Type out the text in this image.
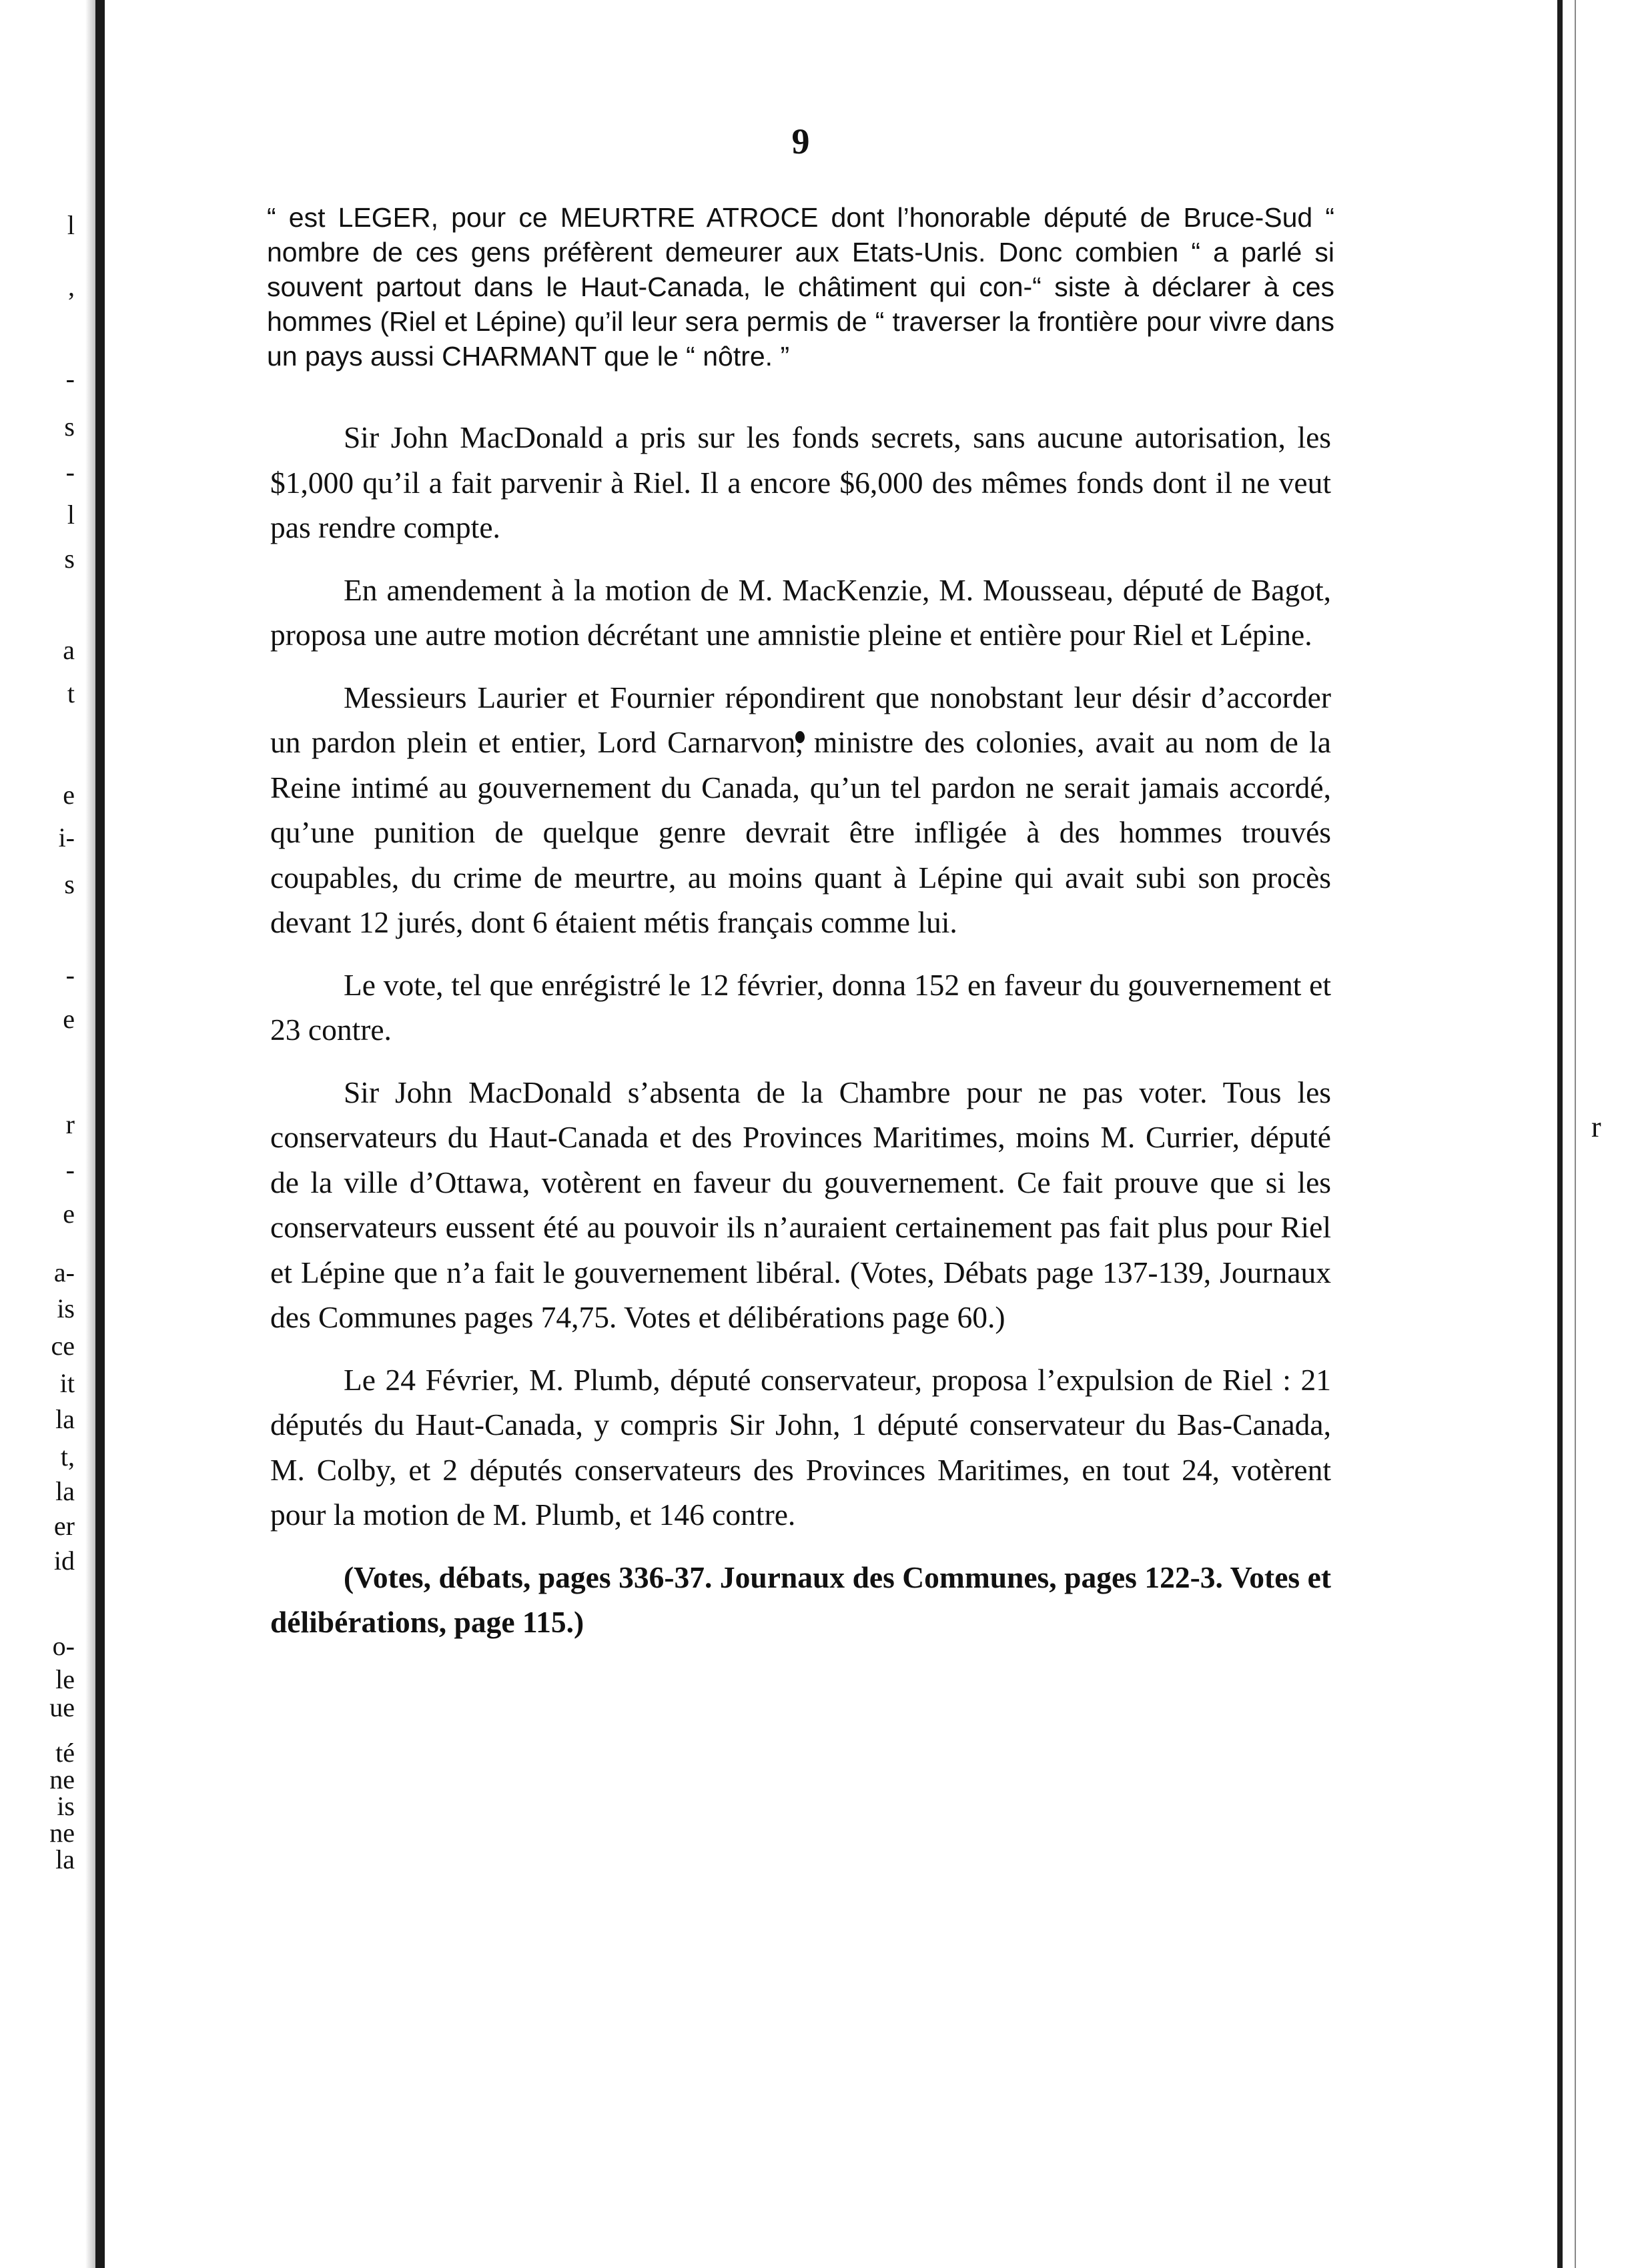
l
,
-
s
-
l
s
a
t
e
i-
s
-
e
r
-
e
a-
is
ce
it
la
t,
la
er
id
o-
le
ue
té
ne
is
ne
la
9
“ est LEGER, pour ce MEURTRE ATROCE dont l’honorable député de Bruce-Sud “ nombre de ces gens préfèrent demeurer aux Etats-Unis. Donc combien “ a parlé si souvent partout dans le Haut-Canada, le châtiment qui con-“ siste à déclarer à ces hommes (Riel et Lépine) qu’il leur sera permis de “ traverser la frontière pour vivre dans un pays aussi CHARMANT que le “ nôtre. ”

Sir John MacDonald a pris sur les fonds secrets, sans aucune autorisation, les $1,000 qu’il a fait parvenir à Riel. Il a encore $6,000 des mêmes fonds dont il ne veut pas rendre compte.

En amendement à la motion de M. MacKenzie, M. Mousseau, député de Bagot, proposa une autre motion décrétant une amnistie pleine et entière pour Riel et Lépine.

Messieurs Laurier et Fournier répondirent que nonobstant leur désir d’accorder un pardon plein et entier, Lord Carnarvon, ministre des colonies, avait au nom de la Reine intimé au gouvernement du Canada, qu’un tel pardon ne serait jamais accordé, qu’une punition de quelque genre devrait être infligée à des hommes trouvés coupables, du crime de meurtre, au moins quant à Lépine qui avait subi son procès devant 12 jurés, dont 6 étaient métis français comme lui.

Le vote, tel que enrégistré le 12 février, donna 152 en faveur du gouvernement et 23 contre.

Sir John MacDonald s’absenta de la Chambre pour ne pas voter. Tous les conservateurs du Haut-Canada et des Provinces Maritimes, moins M. Currier, député de la ville d’Ottawa, votèrent en faveur du gouvernement. Ce fait prouve que si les conservateurs eussent été au pouvoir ils n’auraient certainement pas fait plus pour Riel et Lépine que n’a fait le gouvernement libéral. (Votes, Débats page 137-139, Journaux des Communes pages 74,75. Votes et délibérations page 60.)

Le 24 Février, M. Plumb, député conservateur, proposa l’expulsion de Riel : 21 députés du Haut-Canada, y compris Sir John, 1 député conservateur du Bas-Canada, M. Colby, et 2 députés conservateurs des Provinces Maritimes, en tout 24, votèrent pour la motion de M. Plumb, et 146 contre.

(Votes, débats, pages 336-37. Journaux des Communes, pages 122-3. Votes et délibérations, page 115.)

r
